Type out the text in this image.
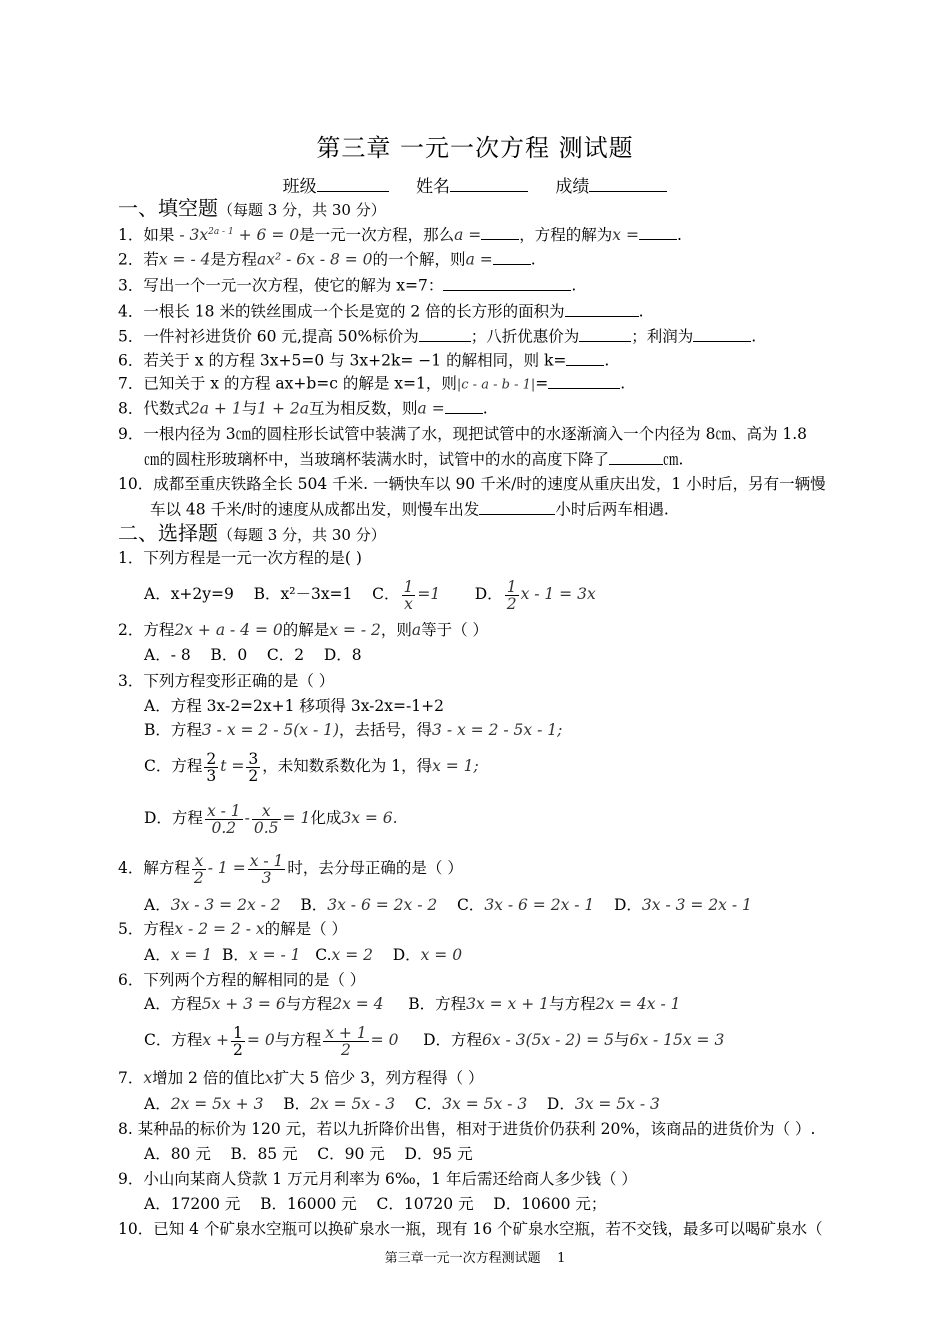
第三章 一元一次方程 测试题
班级	姓名	成绩
一、填空题（每题 3 分，共 30 分）
1．如果 - $3x^{2a - 1} + 6 = 0$是一元一次方程，那么a = ，方程的解为x = .
2．若x = - 4是方程ax² - 6x - 8 = 0的一个解，则a = .
3．写出一个一元一次方程，使它的解为 x=7：	.
4．一根长 18 米的铁丝围成一个长是宽的 2 倍的长方形的面积为	.
5．一件衬衫进货价 60 元,提高 50%标价为	；八折优惠价为	；利润为	.
6．若关于 x 的方程 3x+5=0 与 3x+2k= −1 的解相同，则 k= .
7．已知关于 x 的方程 ax+b=c 的解是 x=1，则|c - a - b - 1|=	.
8．代数式2a + 1与1 + 2a互为相反数，则a = .
9．一根内径为 3㎝的圆柱形长试管中装满了水，现把试管中的水逐渐滴入一个内径为 8㎝、高为 1.8
㎝的圆柱形玻璃杯中，当玻璃杯装满水时，试管中的水的高度下降了	㎝.
10．成都至重庆铁路全长 504 千米. 一辆快车以 90 千米/时的速度从重庆出发，1 小时后，另有一辆慢
车以 48 千米/时的速度从成都出发，则慢车出发	小时后两车相遇.
二、选择题（每题 3 分，共 30 分）
1．下列方程是一元一次方程的是( )
A．x+2y=9 B．x²－3x=1 C． $\frac{1}{x} =1$ D． $\frac{1}{2}$ x - 1 = 3x
2．方程2x + a - 4 = 0的解是x = - 2，则a等于（ ）
A．- 8    B．0    C．2    D．8
3．下列方程变形正确的是（ ）
A．方程 3x-2=2x+1 移项得 3x-2x=-1+2
B．方程3 - x = 2 - 5(x - 1)，去括号，得3 - x = 2 - 5x - 1;
C．方程 $\frac{2}{3}$ $t = \frac{3}{2}$ ，未知数系数化为 1，得x = 1;
D．方程 $\frac{x - 1}{0.2} - \frac{x}{0.5} = 1$化成3x = 6.
4．解方程 $\frac{x}{2} - 1 = \frac{x - 1}{3}$ 时，去分母正确的是（ ）
A．3x - 3 = 2x - 2 B．3x - 6 = 2x - 2 C．3x - 6 = 2x - 1 D．3x - 3 = 2x - 1
5．方程x - 2 = 2 - x的解是（ ）
A．x = 1 B．x = - 1 C.x = 2 D．x = 0
6．下列两个方程的解相同的是（ ）
A．方程5x + 3 = 6与方程2x = 4 B．方程3x = x + 1与方程2x = 4x - 1
C．方程$x + \frac{1}{2} = 0$与方程 $\frac{x + 1}{2} = 0$ D．方程6x - 3(5x - 2) = 5与6x - 15x = 3
7．x增加 2 倍的值比x扩大 5 倍少 3，列方程得（ ）
A．2x = 5x + 3 B．2x = 5x - 3 C．3x = 5x - 3 D．3x = 5x - 3
8. 某种品的标价为 120 元，若以九折降价出售，相对于进货价仍获利 20%，该商品的进货价为（ ）.
A．80 元    B．85 元    C．90 元    D．95 元
9．小山向某商人贷款 1 万元月利率为 6‰，1 年后需还给商人多少钱（ ）
A．17200 元    B．16000 元    C．10720 元    D．10600 元；
10．已知 4 个矿泉水空瓶可以换矿泉水一瓶，现有 16 个矿泉水空瓶，若不交钱，最多可以喝矿泉水（
第三章一元一次方程测试题    1
